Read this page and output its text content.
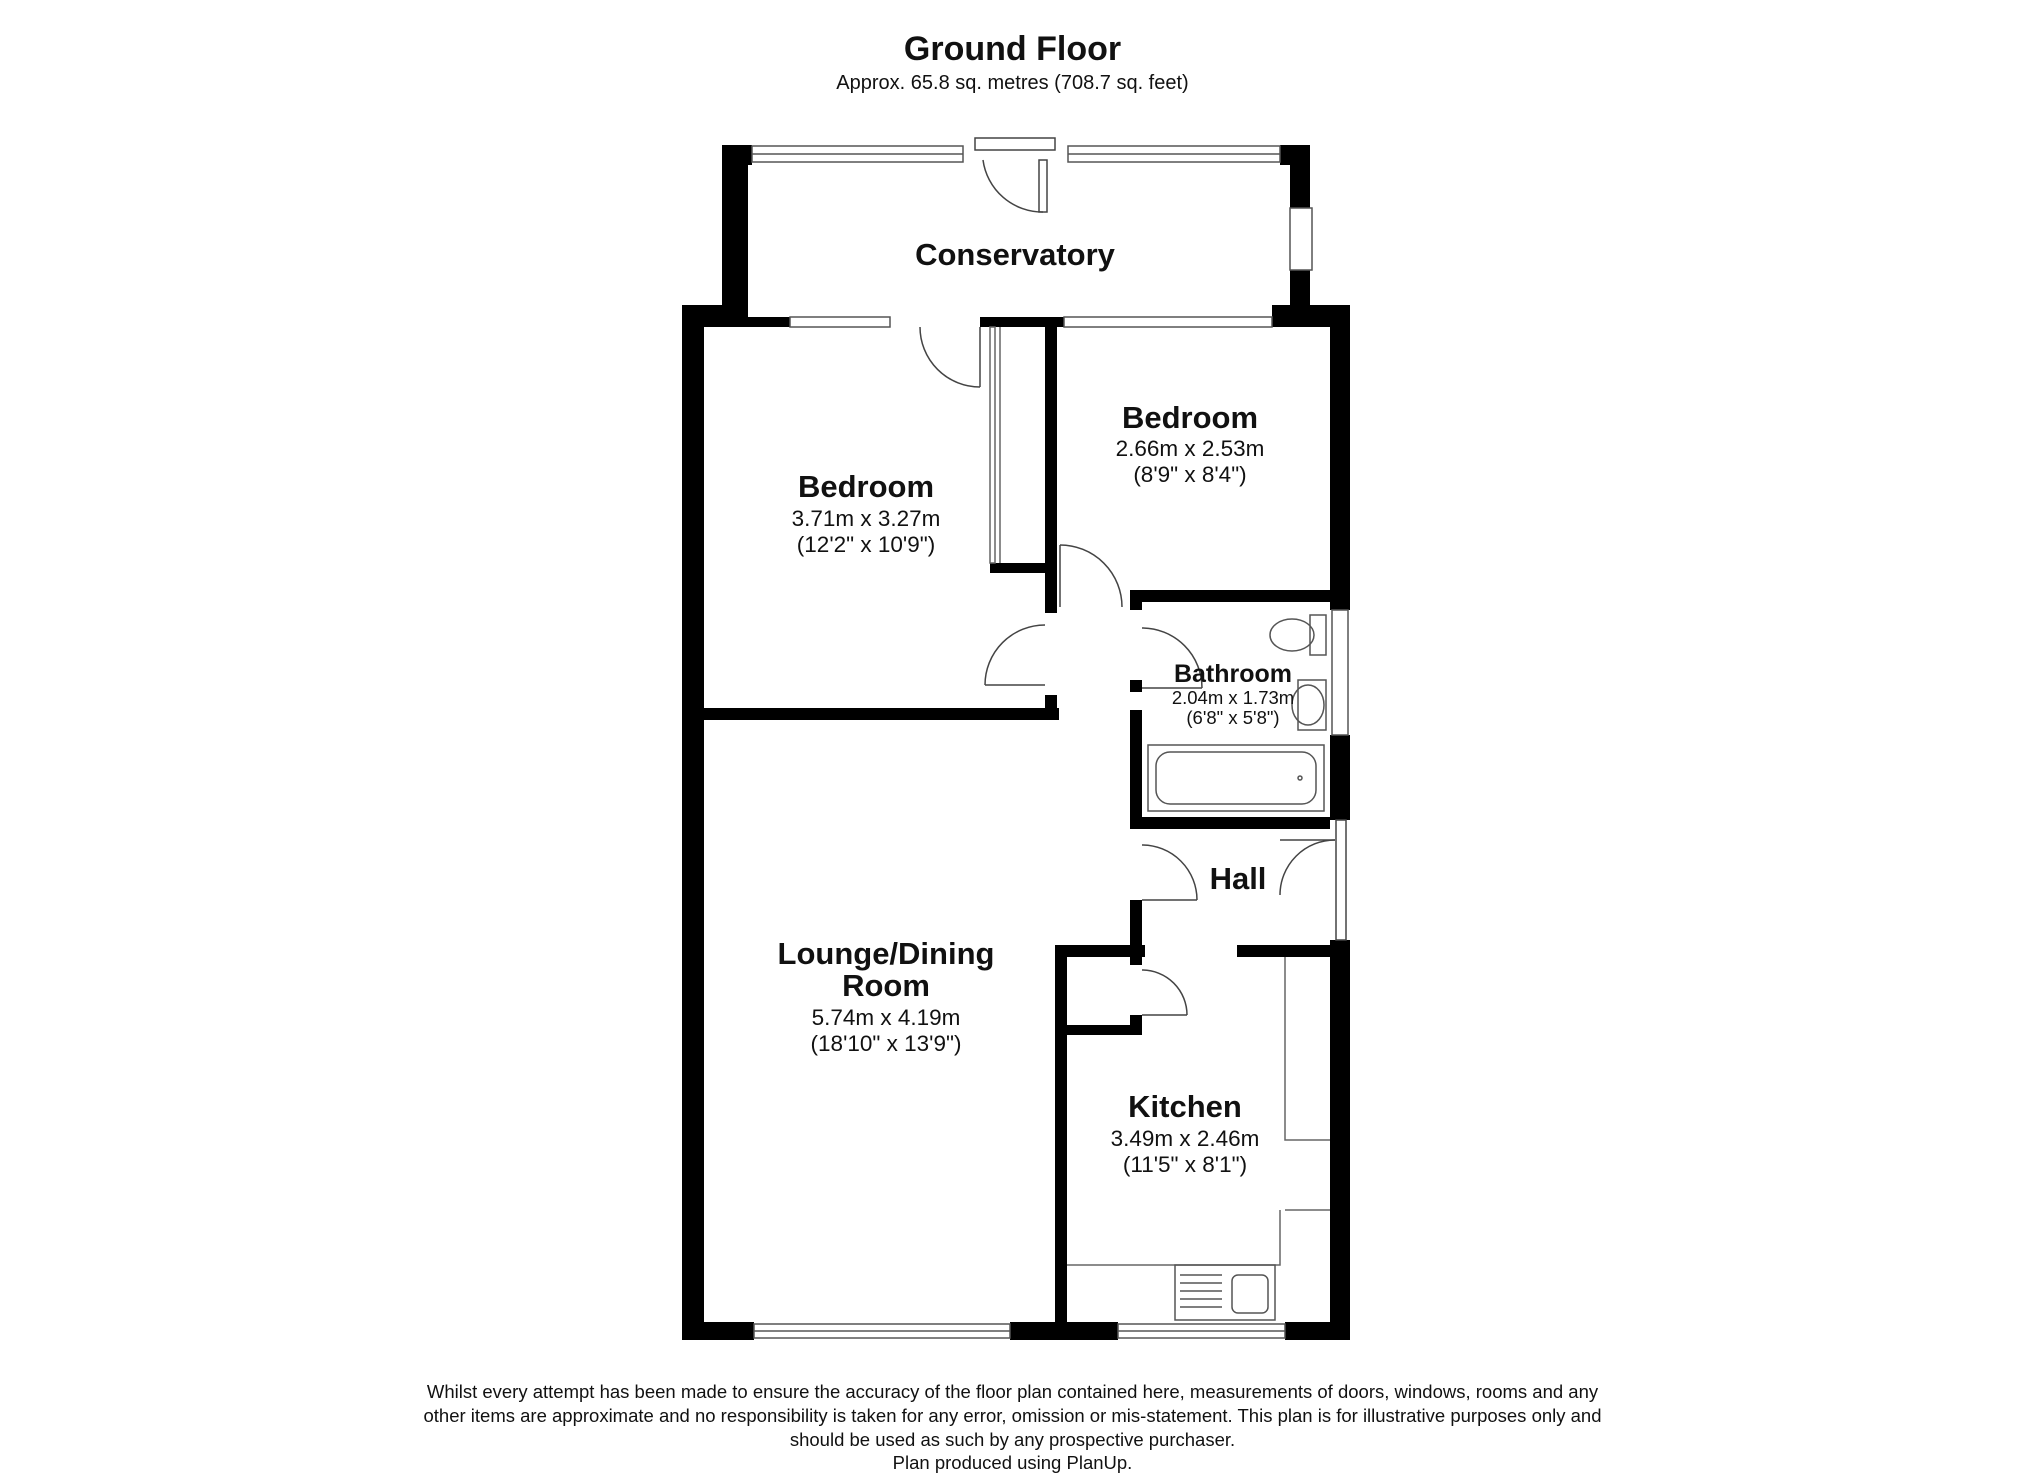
Ground Floor
Approx. 65.8 sq. metres (708.7 sq. feet)
Conservatory
Bedroom
3.71m x 3.27m
(12'2" x 10'9")
Bedroom
2.66m x 2.53m
(8'9" x 8'4")
Bathroom
2.04m x 1.73m
(6'8" x 5'8")
Hall
Lounge/Dining
Room
5.74m x 4.19m
(18'10" x 13'9")
Kitchen
3.49m x 2.46m
(11'5" x 8'1")
Whilst every attempt has been made to ensure the accuracy of the floor plan contained here, measurements of doors, windows, rooms and any
other items are approximate and no responsibility is taken for any error, omission or mis-statement. This plan is for illustrative purposes only and
should be used as such by any prospective purchaser.
Plan produced using PlanUp.
